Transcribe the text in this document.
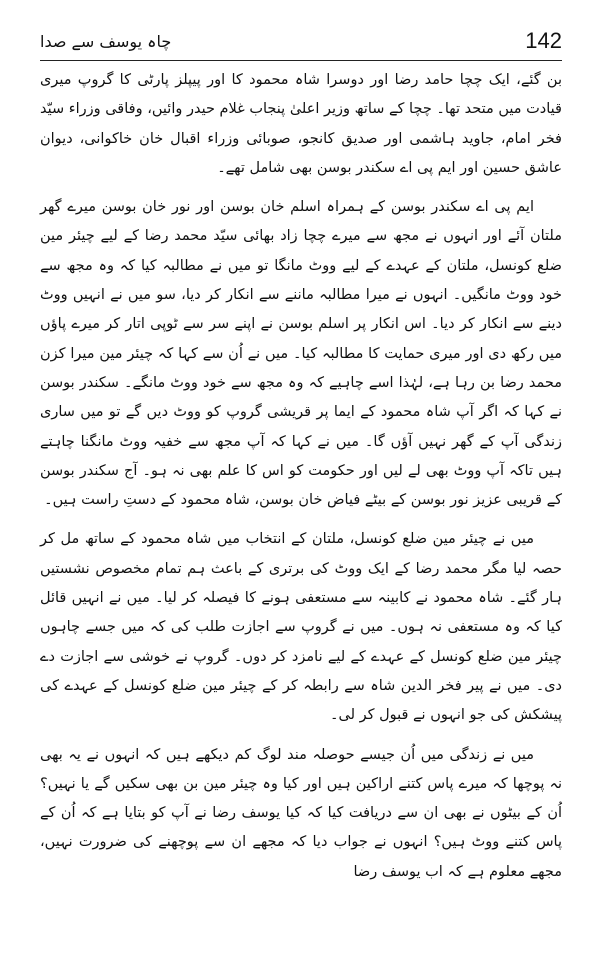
چاہ یوسف سے صدا	142

بن گئے، ایک چچا حامد رضا اور دوسرا شاہ محمود کا اور پیپلز پارٹی کا گروپ میری قیادت میں متحد تھا۔ چچا کے ساتھ وزیر اعلیٰ پنجاب غلام حیدر وائیں، وفاقی وزراء سیّد فخر امام، جاوید ہاشمی اور صدیق کانجو، صوبائی وزراء اقبال خان خاکوانی، دیوان عاشق حسین اور ایم پی اے سکندر بوسن بھی شامل تھے۔

ایم پی اے سکندر بوسن کے ہمراہ اسلم خان بوسن اور نور خان بوسن میرے گھر ملتان آئے اور انہوں نے مجھ سے میرے چچا زاد بھائی سیّد محمد رضا کے لیے چیئر مین ضلع کونسل، ملتان کے عہدے کے لیے ووٹ مانگا تو میں نے مطالبہ کیا کہ وہ مجھ سے خود ووٹ مانگیں۔ انہوں نے میرا مطالبہ ماننے سے انکار کر دیا، سو میں نے انہیں ووٹ دینے سے انکار کر دیا۔ اس انکار پر اسلم بوسن نے اپنے سر سے ٹوپی اتار کر میرے پاؤں میں رکھ دی اور میری حمایت کا مطالبہ کیا۔ میں نے اُن سے کہا کہ چیئر مین میرا کزن محمد رضا بن رہا ہے، لہٰذا اسے چاہیے کہ وہ مجھ سے خود ووٹ مانگے۔ سکندر بوسن نے کہا کہ اگر آپ شاہ محمود کے ایما پر قریشی گروپ کو ووٹ دیں گے تو میں ساری زندگی آپ کے گھر نہیں آؤں گا۔ میں نے کہا کہ آپ مجھ سے خفیہ ووٹ مانگنا چاہتے ہیں تاکہ آپ ووٹ بھی لے لیں اور حکومت کو اس کا علم بھی نہ ہو۔ آج سکندر بوسن کے قریبی عزیز نور بوسن کے بیٹے فیاض خان بوسن، شاہ محمود کے دستِ راست ہیں۔

میں نے چیئر مین ضلع کونسل، ملتان کے انتخاب میں شاہ محمود کے ساتھ مل کر حصہ لیا مگر محمد رضا کے ایک ووٹ کی برتری کے باعث ہم تمام مخصوص نشستیں ہار گئے۔ شاہ محمود نے کابینہ سے مستعفی ہونے کا فیصلہ کر لیا۔ میں نے انہیں قائل کیا کہ وہ مستعفی نہ ہوں۔ میں نے گروپ سے اجازت طلب کی کہ میں جسے چاہوں چیئر مین ضلع کونسل کے عہدے کے لیے نامزد کر دوں۔ گروپ نے خوشی سے اجازت دے دی۔ میں نے پیر فخر الدین شاہ سے رابطہ کر کے چیئر مین ضلع کونسل کے عہدے کی پیشکش کی جو انہوں نے قبول کر لی۔

میں نے زندگی میں اُن جیسے حوصلہ مند لوگ کم دیکھے ہیں کہ انہوں نے یہ بھی نہ پوچھا کہ میرے پاس کتنے اراکین ہیں اور کیا وہ چیئر مین بن بھی سکیں گے یا نہیں؟ اُن کے بیٹوں نے بھی ان سے دریافت کیا کہ کیا یوسف رضا نے آپ کو بتایا ہے کہ اُن کے پاس کتنے ووٹ ہیں؟ انہوں نے جواب دیا کہ مجھے ان سے پوچھنے کی ضرورت نہیں، مجھے معلوم ہے کہ اب یوسف رضا
